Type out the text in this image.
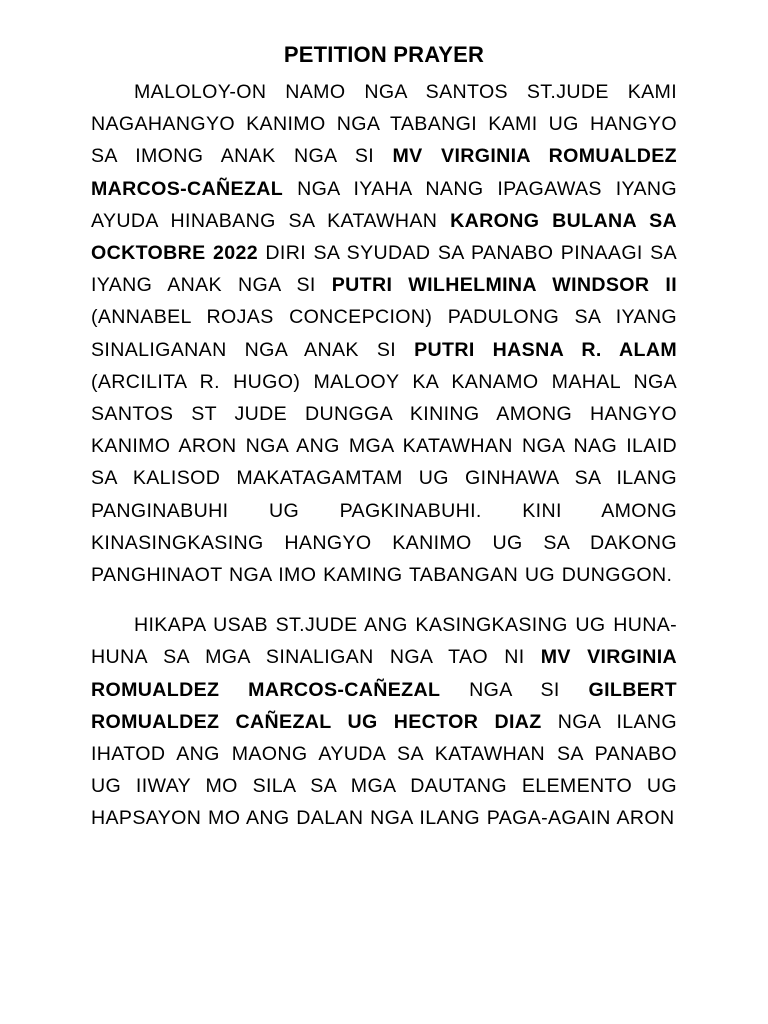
PETITION PRAYER

MALOLOY-ON NAMO NGA SANTOS ST.JUDE KAMI NAGAHANGYO KANIMO NGA TABANGI KAMI UG HANGYO SA IMONG ANAK NGA SI MV VIRGINIA ROMUALDEZ MARCOS-CAÑEZAL NGA IYAHA NANG IPAGAWAS IYANG AYUDA HINABANG SA KATAWHAN KARONG BULANA SA OCKTOBRE 2022 DIRI SA SYUDAD SA PANABO PINAAGI SA IYANG ANAK NGA SI PUTRI WILHELMINA WINDSOR II (ANNABEL ROJAS CONCEPCION) PADULONG SA IYANG SINALIGANAN NGA ANAK SI PUTRI HASNA R. ALAM (ARCILITA R. HUGO) MALOOY KA KANAMO MAHAL NGA SANTOS ST JUDE DUNGGA KINING AMONG HANGYO KANIMO ARON NGA ANG MGA KATAWHAN NGA NAG ILAID SA KALISOD MAKATAGAMTAM UG GINHAWA SA ILANG PANGINABUHI UG PAGKINABUHI. KINI AMONG KINASINGKASING HANGYO KANIMO UG SA DAKONG PANGHINAOT NGA IMO KAMING TABANGAN UG DUNGGON.

HIKAPA USAB ST.JUDE ANG KASINGKASING UG HUNA-HUNA SA MGA SINALIGAN NGA TAO NI MV VIRGINIA ROMUALDEZ MARCOS-CAÑEZAL NGA SI GILBERT ROMUALDEZ CAÑEZAL UG HECTOR DIAZ NGA ILANG IHATOD ANG MAONG AYUDA SA KATAWHAN SA PANABO UG IIWAY MO SILA SA MGA DAUTANG ELEMENTO UG HAPSAYON MO ANG DALAN NGA ILANG PAGA-AGAIN ARON
